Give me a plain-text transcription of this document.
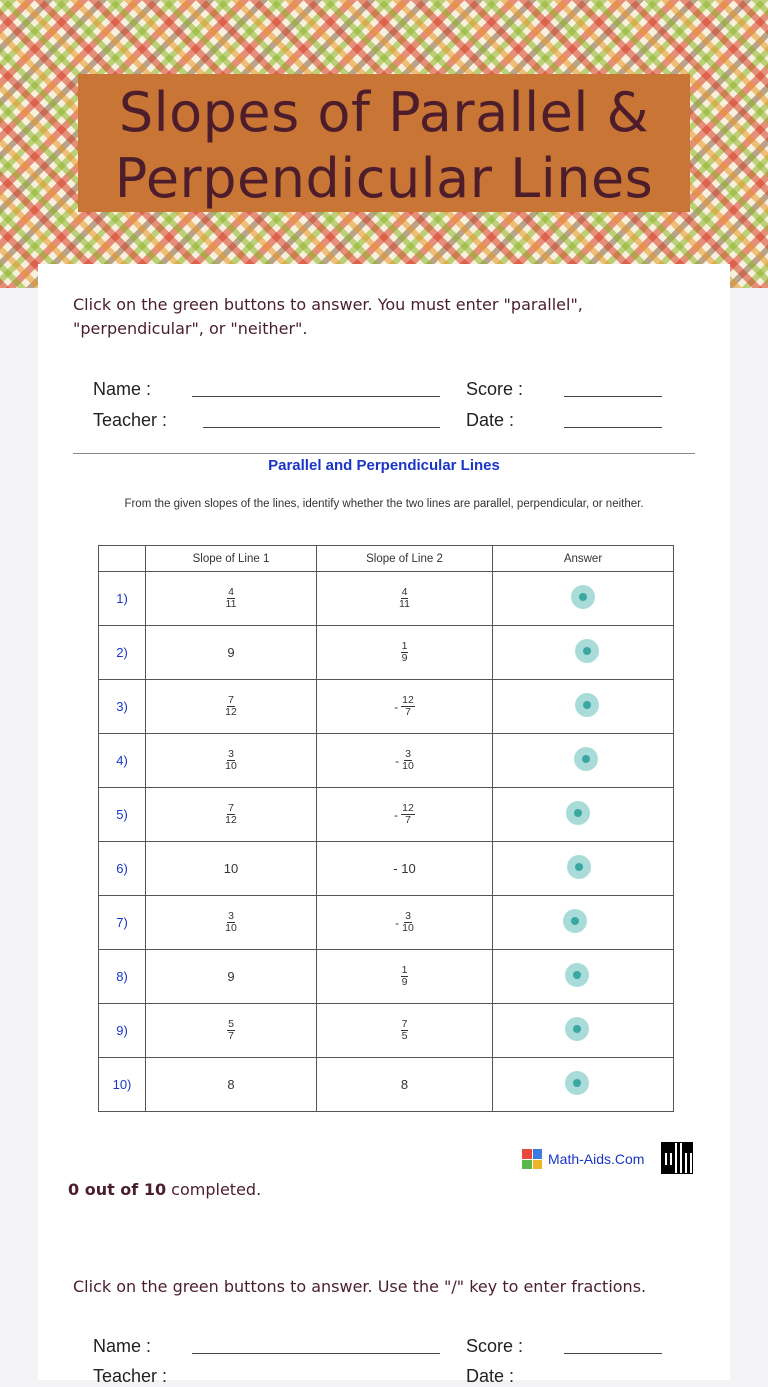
Slopes of Parallel & Perpendicular Lines
Click on the green buttons to answer. You must enter "parallel", "perpendicular", or "neither".
Name :	Score :
Teacher :	Date :
Parallel and Perpendicular Lines
From the given slopes of the lines, identify whether the two lines are parallel, perpendicular, or neither.
	Slope of Line 1	Slope of Line 2	Answer
1)	$\frac{4}{11}$	$\frac{4}{11}$

2)	9	$\frac{1}{9}$

3)	$\frac{7}{12}$	- $\frac{12}{7}$

4)	$\frac{3}{10}$	- $\frac{3}{10}$

5)	$\frac{7}{12}$	- $\frac{12}{7}$

6)	10	- 10	
7)	$\frac{3}{10}$	- $\frac{3}{10}$

8)	9	$\frac{1}{9}$

9)	$\frac{5}{7}$	$\frac{7}{5}$

10)	8	8	
Math-Aids.Com
0 out of 10 completed.
Click on the green buttons to answer. Use the "/" key to enter fractions.
Name :	Score :
Teacher :	Date :
